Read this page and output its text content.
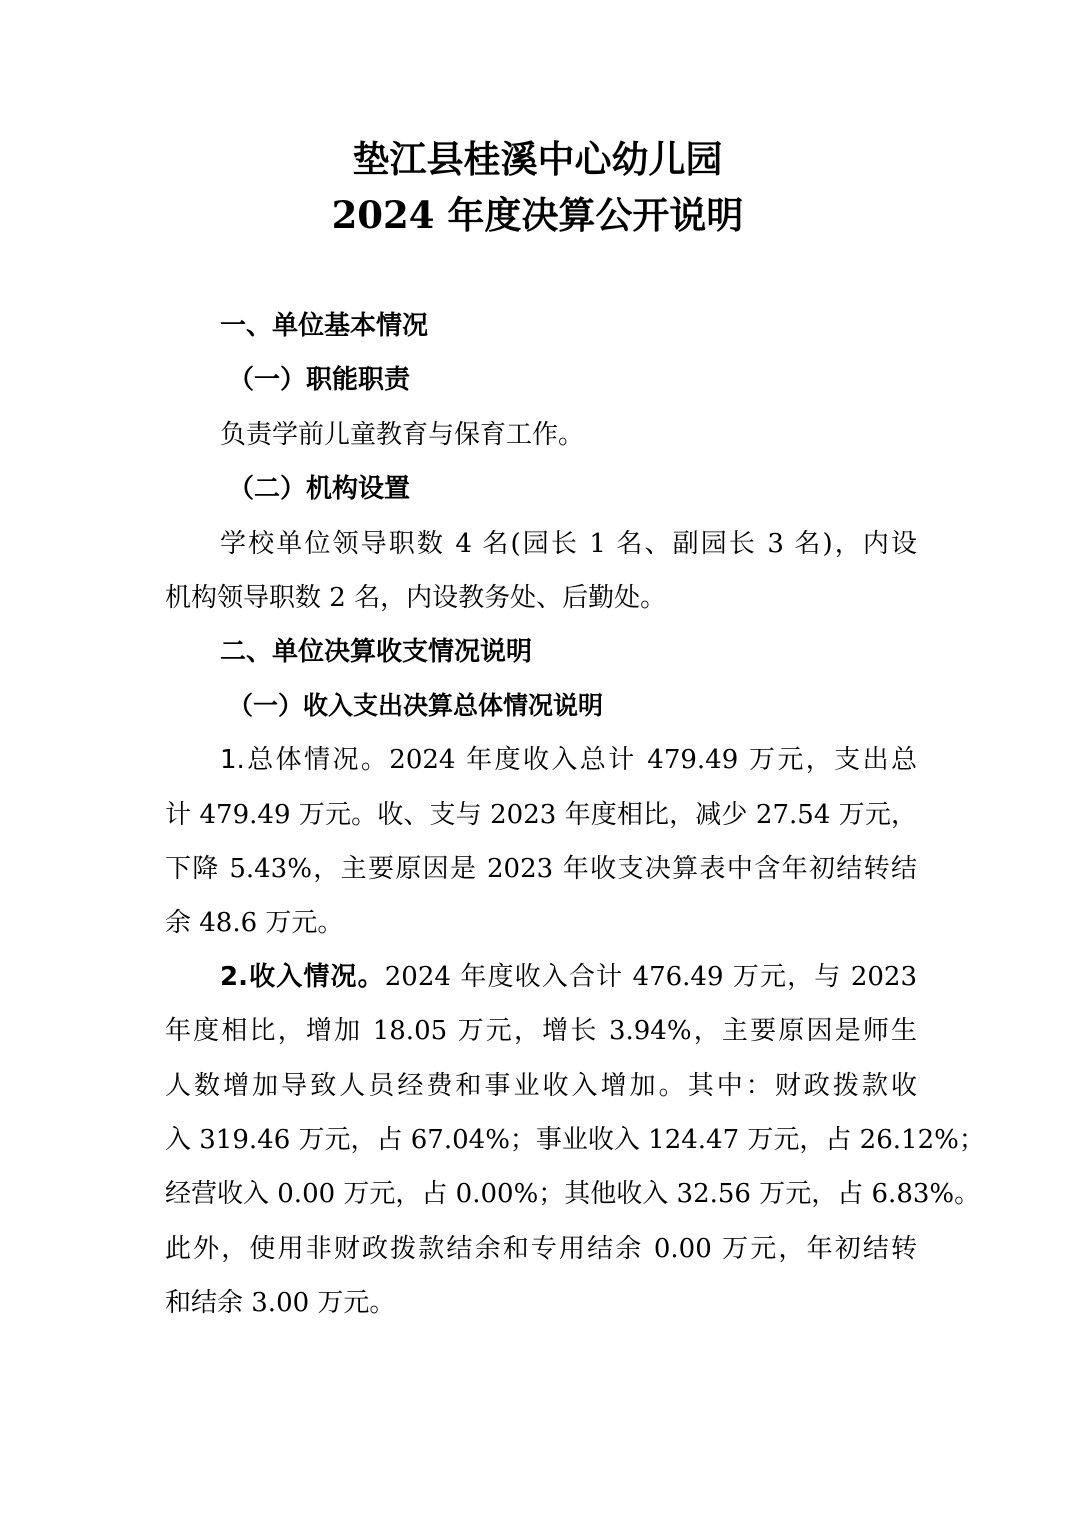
垫江县桂溪中心幼儿园
2024 年度决算公开说明

一、单位基本情况

（一）职能职责

负责学前儿童教育与保育工作。

（二）机构设置

学校单位领导职数 4 名(园长 1 名、副园长 3 名)，内设

机构领导职数 2 名，内设教务处、后勤处。

二、单位决算收支情况说明

（一）收入支出决算总体情况说明

1.总体情况。2024 年度收入总计 479.49 万元，支出总

计 479.49 万元。收、支与 2023 年度相比，减少 27.54 万元，

下降 5.43%，主要原因是 2023 年收支决算表中含年初结转结

余 48.6 万元。

2.收入情况。2024 年度收入合计 476.49 万元，与 2023

年度相比，增加 18.05 万元，增长 3.94%，主要原因是师生

人数增加导致人员经费和事业收入增加。其中：财政拨款收

入 319.46 万元，占 67.04%；事业收入 124.47 万元，占 26.12%；

经营收入 0.00 万元，占 0.00%；其他收入 32.56 万元，占 6.83%。

此外，使用非财政拨款结余和专用结余 0.00 万元，年初结转

和结余 3.00 万元。
